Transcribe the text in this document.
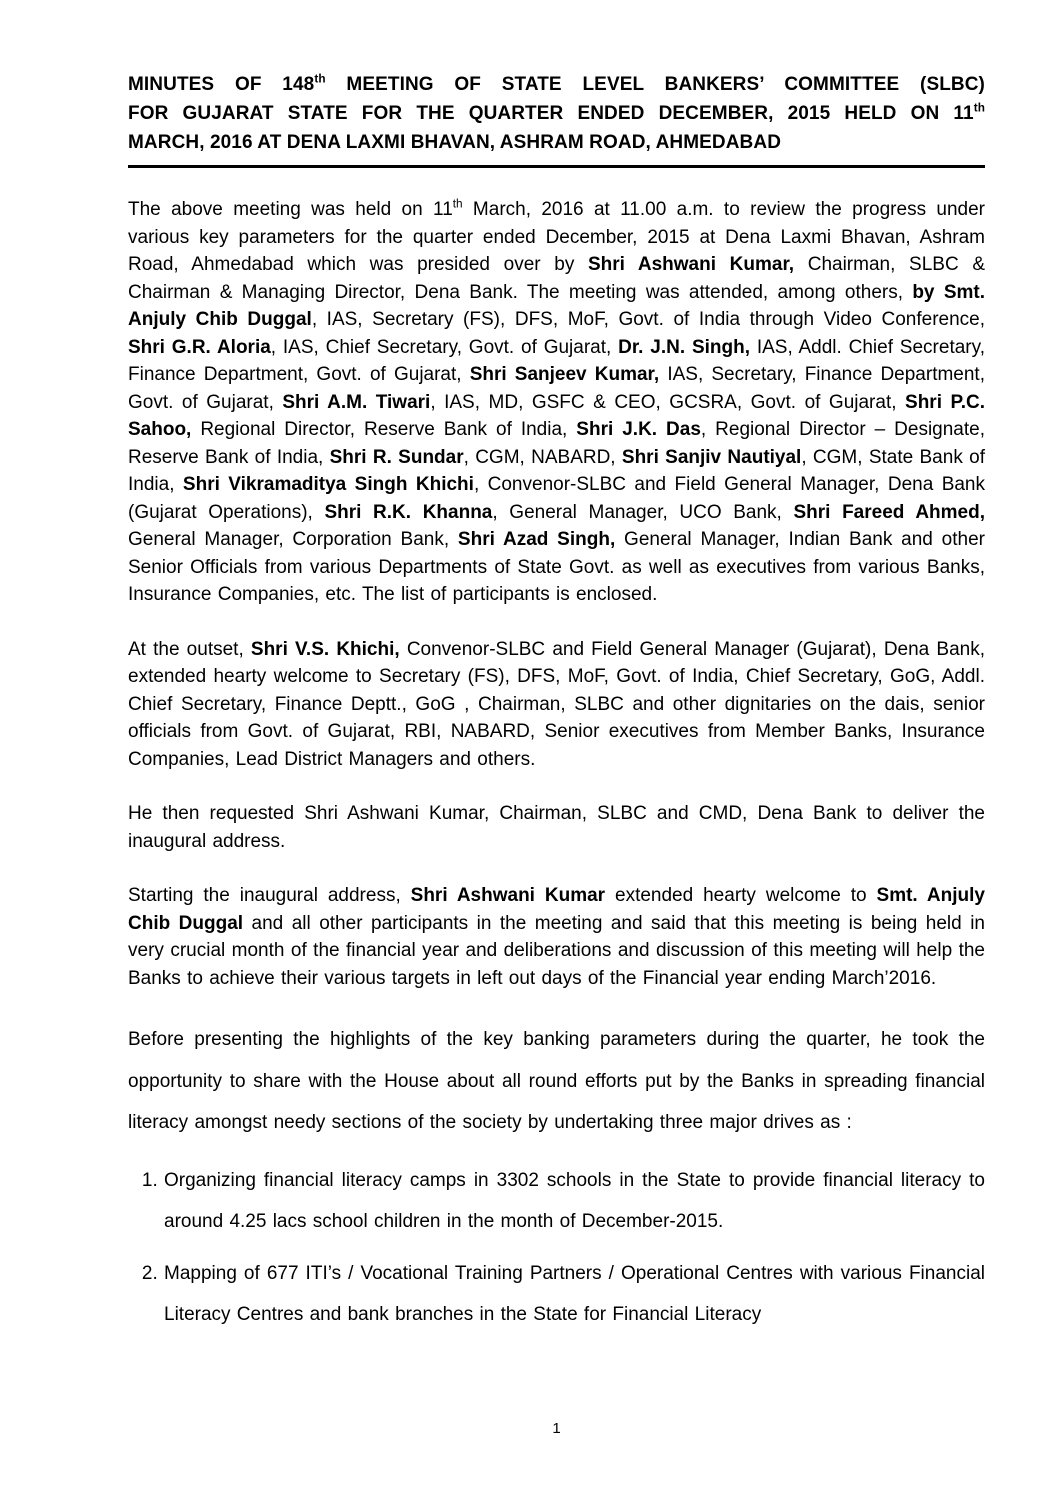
MINUTES OF 148th MEETING OF STATE LEVEL BANKERS’ COMMITTEE (SLBC)
FOR GUJARAT STATE FOR THE QUARTER ENDED DECEMBER, 2015 HELD ON 11th
MARCH, 2016 AT DENA LAXMI BHAVAN, ASHRAM ROAD, AHMEDABAD

The above meeting was held on 11th March, 2016 at 11.00 a.m. to review the progress under various key parameters for the quarter ended December, 2015 at Dena Laxmi Bhavan, Ashram Road, Ahmedabad which was presided over by Shri Ashwani Kumar, Chairman, SLBC & Chairman & Managing Director, Dena Bank. The meeting was attended, among others, by Smt. Anjuly Chib Duggal, IAS, Secretary (FS), DFS, MoF, Govt. of India through Video Conference, Shri G.R. Aloria, IAS, Chief Secretary, Govt. of Gujarat, Dr. J.N. Singh, IAS, Addl. Chief Secretary, Finance Department, Govt. of Gujarat, Shri Sanjeev Kumar, IAS, Secretary, Finance Department, Govt. of Gujarat, Shri A.M. Tiwari, IAS, MD, GSFC & CEO, GCSRA, Govt. of Gujarat, Shri P.C. Sahoo, Regional Director, Reserve Bank of India, Shri J.K. Das, Regional Director – Designate, Reserve Bank of India, Shri R. Sundar, CGM, NABARD, Shri Sanjiv Nautiyal, CGM, State Bank of India, Shri Vikramaditya Singh Khichi, Convenor-SLBC and Field General Manager, Dena Bank (Gujarat Operations), Shri R.K. Khanna, General Manager, UCO Bank, Shri Fareed Ahmed, General Manager, Corporation Bank, Shri Azad Singh, General Manager, Indian Bank and other Senior Officials from various Departments of State Govt. as well as executives from various Banks, Insurance Companies, etc. The list of participants is enclosed.

At the outset, Shri V.S. Khichi, Convenor-SLBC and Field General Manager (Gujarat), Dena Bank, extended hearty welcome to Secretary (FS), DFS, MoF, Govt. of India, Chief Secretary, GoG, Addl. Chief Secretary, Finance Deptt., GoG , Chairman, SLBC and other dignitaries on the dais, senior officials from Govt. of Gujarat, RBI, NABARD, Senior executives from Member Banks, Insurance Companies, Lead District Managers and others.

He then requested Shri Ashwani Kumar, Chairman, SLBC and CMD, Dena Bank to deliver the inaugural address.

Starting the inaugural address, Shri Ashwani Kumar extended hearty welcome to Smt. Anjuly Chib Duggal and all other participants in the meeting and said that this meeting is being held in very crucial month of the financial year and deliberations and discussion of this meeting will help the Banks to achieve their various targets in left out days of the Financial year ending March’2016.

Before presenting the highlights of the key banking parameters during the quarter, he took the opportunity to share with the House about all round efforts put by the Banks in spreading financial literacy amongst needy sections of the society by undertaking three major drives as :

1. Organizing financial literacy camps in 3302 schools in the State to provide financial literacy to around 4.25 lacs school children in the month of December-2015.
2. Mapping of 677 ITI’s / Vocational Training Partners / Operational Centres with various Financial Literacy Centres and bank branches in the State for Financial Literacy
1
